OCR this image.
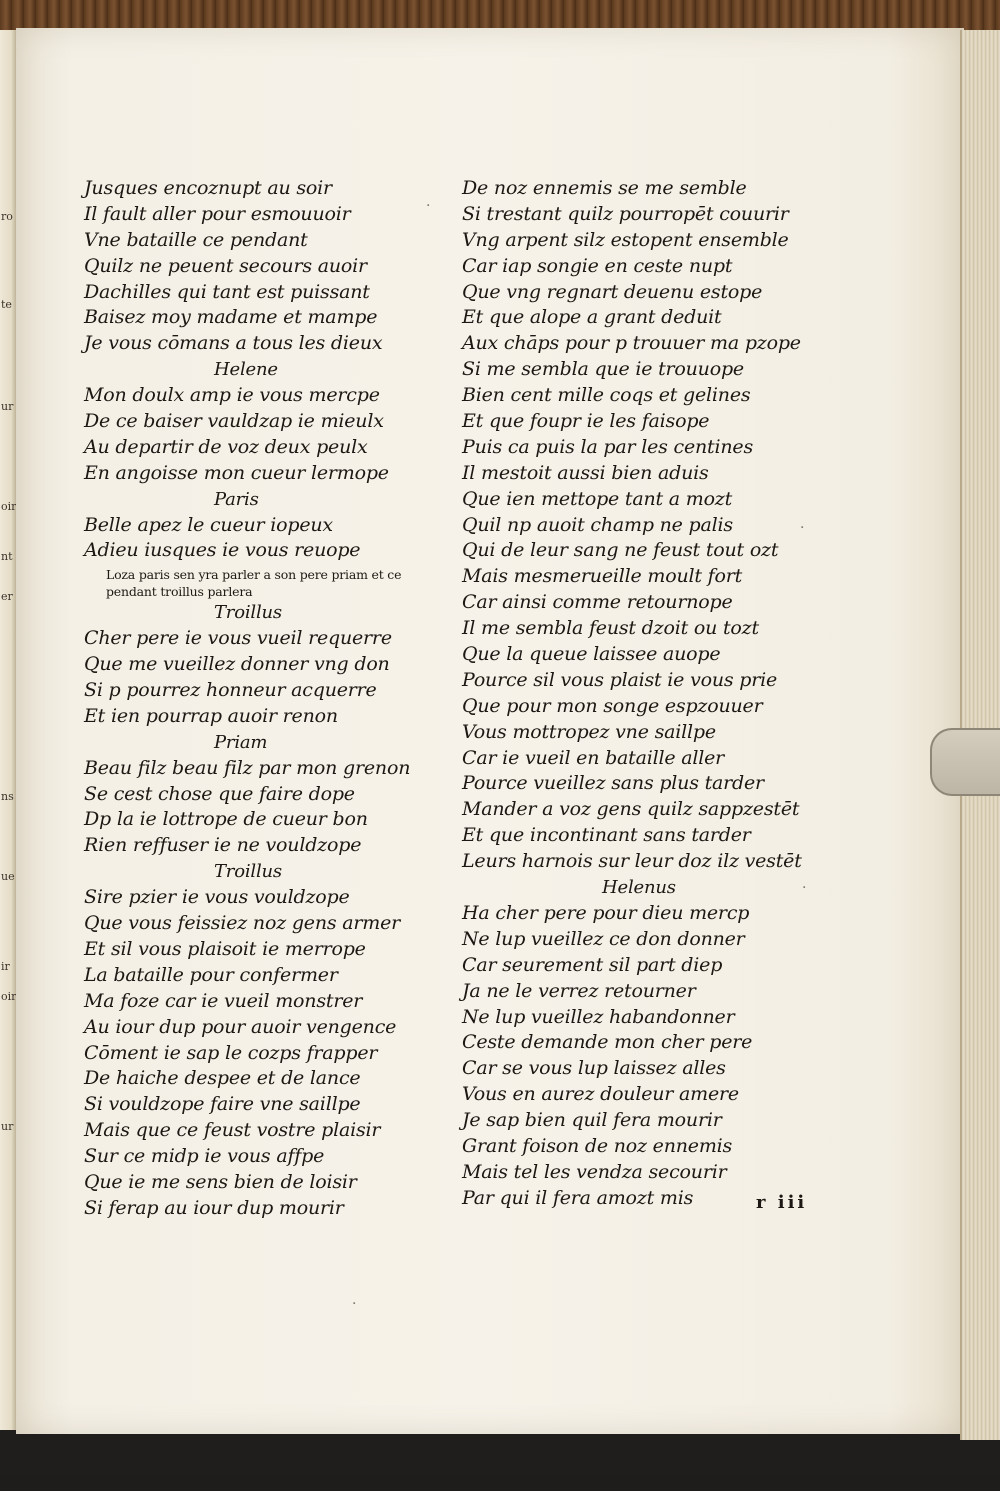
ro
te
ur
oir
nt
er
ns
ue
ir
oir
ur
Jusques encoznupt au soir
Il fault aller pour esmouuoir
Vne bataille ce pendant
Quilz ne peuent secours auoir
Dachilles qui tant est puissant
Baisez moy madame et mampe
Je vous cōmans a tous les dieux
Helene
Mon doulx amp ie vous mercpe
De ce baiser vauldzap ie mieulx
Au departir de voz deux peulx
En angoisse mon cueur lermope
Paris
Belle apez le cueur iopeux
Adieu iusques ie vous reuope
Loza paris sen yra parler a son pere priam et ce pendant troillus parlera
Troillus
Cher pere ie vous vueil requerre
Que me vueillez donner vng don
Si p pourrez honneur acquerre
Et ien pourrap auoir renon
Priam
Beau filz beau filz par mon grenon
Se cest chose que faire dope
Dp la ie lottrope de cueur bon
Rien reffuser ie ne vouldzope
Troillus
Sire pzier ie vous vouldzope
Que vous feissiez noz gens armer
Et sil vous plaisoit ie merrope
La bataille pour confermer
Ma foze car ie vueil monstrer
Au iour dup pour auoir vengence
Cōment ie sap le cozps frapper
De haiche despee et de lance
Si vouldzope faire vne saillpe
Mais que ce feust vostre plaisir
Sur ce midp ie vous affpe
Que ie me sens bien de loisir
Si ferap au iour dup mourir
De noz ennemis se me semble
Si trestant quilz pourropēt couurir
Vng arpent silz estopent ensemble
Car iap songie en ceste nupt
Que vng regnart deuenu estope
Et que alope a grant deduit
Aux chāps pour p trouuer ma pzope
Si me sembla que ie trouuope
Bien cent mille coqs et gelines
Et que foupr ie les faisope
Puis ca puis la par les centines
Il mestoit aussi bien aduis
Que ien mettope tant a mozt
Quil np auoit champ ne palis
Qui de leur sang ne feust tout ozt
Mais mesmerueille moult fort
Car ainsi comme retournope
Il me sembla feust dzoit ou tozt
Que la queue laissee auope
Pource sil vous plaist ie vous prie
Que pour mon songe espzouuer
Vous mottropez vne saillpe
Car ie vueil en bataille aller
Pource vueillez sans plus tarder
Mander a voz gens quilz sappzestēt
Et que incontinant sans tarder
Leurs harnois sur leur doz ilz vestēt
Helenus
Ha cher pere pour dieu mercp
Ne lup vueillez ce don donner
Car seurement sil part diep
Ja ne le verrez retourner
Ne lup vueillez habandonner
Ceste demande mon cher pere
Car se vous lup laissez alles
Vous en aurez douleur amere
Je sap bien quil fera mourir
Grant foison de noz ennemis
Mais tel les vendza secourir
Par qui il fera amozt mis	r iii
·
·
·
·
